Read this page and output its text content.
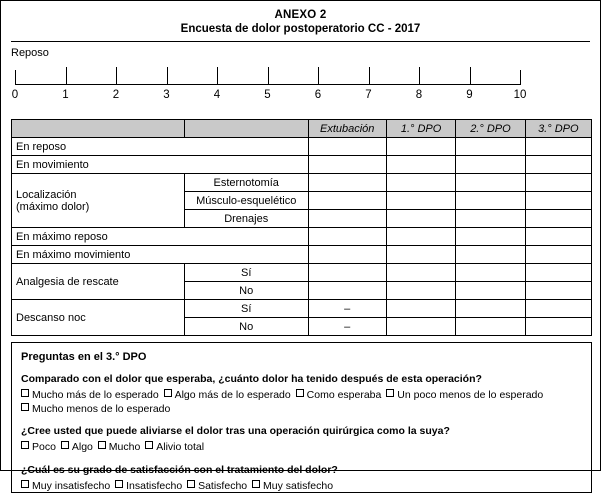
ANEXO 2
Encuesta de dolor postoperatorio CC - 2017
Reposo
0	1	2	3	4	5	6	7	8	9	10
		Extubación	1.° DPO	2.° DPO	3.° DPO
En reposo					
En movimiento					

Localización
(máximo dolor)	Esternotomía				
	Músculo-esquelético				
	Drenajes				
En máximo reposo					
En máximo movimiento					
Analgesia de rescate	Sí				
	No				
Descanso noc	Sí	–			
	No	–			
Preguntas en el 3.° DPO
Comparado con el dolor que esperaba, ¿cuánto dolor ha tenido después de esta operación?
Mucho más de lo esperado Algo más de lo esperado Como esperaba Un poco menos de lo esperado Mucho menos de lo esperado
¿Cree usted que puede aliviarse el dolor tras una operación quirúrgica como la suya?
Poco Algo Mucho Alivio total
¿Cuál es su grado de satisfacción con el tratamiento del dolor?
Muy insatisfecho Insatisfecho Satisfecho Muy satisfecho
